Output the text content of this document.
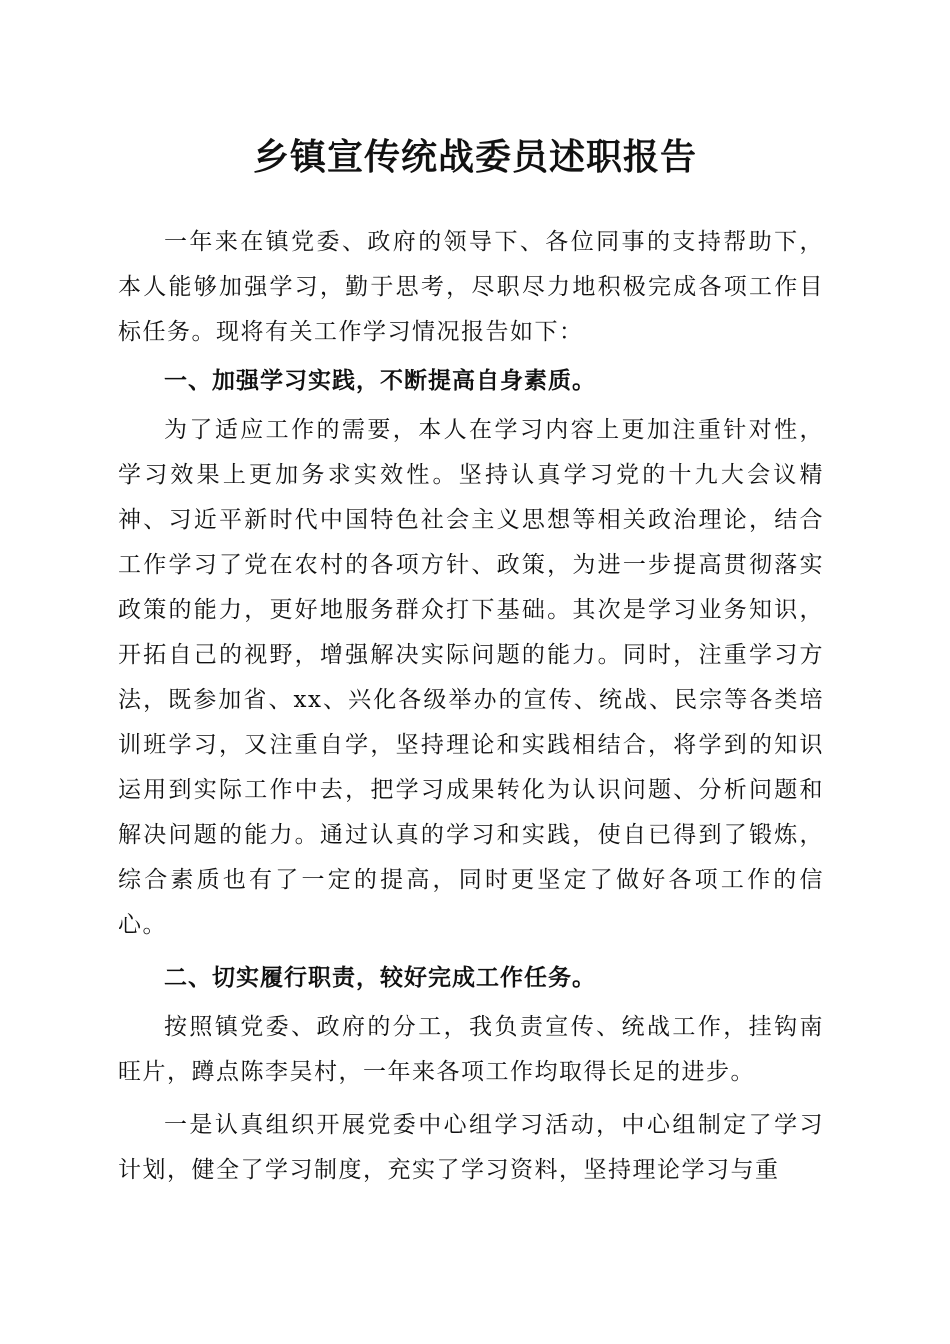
乡镇宣传统战委员述职报告

一年来在镇党委、政府的领导下、各位同事的支持帮助下，本人能够加强学习，勤于思考，尽职尽力地积极完成各项工作目标任务。现将有关工作学习情况报告如下：

一、加强学习实践，不断提高自身素质。

为了适应工作的需要，本人在学习内容上更加注重针对性，学习效果上更加务求实效性。坚持认真学习党的十九大会议精神、习近平新时代中国特色社会主义思想等相关政治理论，结合工作学习了党在农村的各项方针、政策，为进一步提高贯彻落实政策的能力，更好地服务群众打下基础。其次是学习业务知识，开拓自己的视野，增强解决实际问题的能力。同时，注重学习方法，既参加省、xx、兴化各级举办的宣传、统战、民宗等各类培训班学习，又注重自学，坚持理论和实践相结合，将学到的知识运用到实际工作中去，把学习成果转化为认识问题、分析问题和解决问题的能力。通过认真的学习和实践，使自已得到了锻炼，综合素质也有了一定的提高，同时更坚定了做好各项工作的信心。

二、切实履行职责，较好完成工作任务。

按照镇党委、政府的分工，我负责宣传、统战工作，挂钩南旺片，蹲点陈李吴村，一年来各项工作均取得长足的进步。

一是认真组织开展党委中心组学习活动，中心组制定了学习计划，健全了学习制度，充实了学习资料，坚持理论学习与重
